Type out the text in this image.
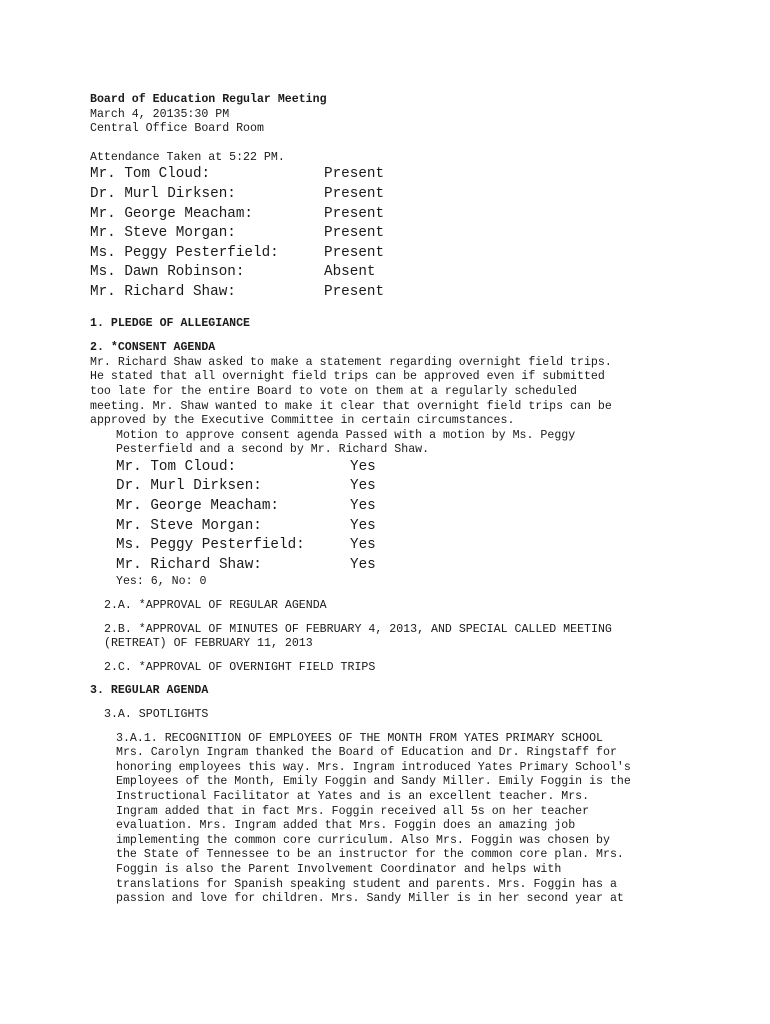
Board of Education Regular Meeting
March 4, 20135:30 PM
Central Office Board Room
Attendance Taken at 5:22 PM.
Mr. Tom Cloud:	Present
Dr. Murl Dirksen:	Present
Mr. George Meacham:	Present
Mr. Steve Morgan:	Present
Ms. Peggy Pesterfield:	Present
Ms. Dawn Robinson:	Absent
Mr. Richard Shaw:	Present
1. PLEDGE OF ALLEGIANCE
2. *CONSENT AGENDA
Mr. Richard Shaw asked to make a statement regarding overnight field trips.
He stated that all overnight field trips can be approved even if submitted
too late for the entire Board to vote on them at a regularly scheduled
meeting. Mr. Shaw wanted to make it clear that overnight field trips can be
approved by the Executive Committee in certain circumstances.
Motion to approve consent agenda Passed with a motion by Ms. Peggy
Pesterfield and a second by Mr. Richard Shaw.
Mr. Tom Cloud:	Yes
Dr. Murl Dirksen:	Yes
Mr. George Meacham:	Yes
Mr. Steve Morgan:	Yes
Ms. Peggy Pesterfield:	Yes
Mr. Richard Shaw:	Yes
Yes: 6, No: 0
2.A. *APPROVAL OF REGULAR AGENDA
2.B. *APPROVAL OF MINUTES OF FEBRUARY 4, 2013, AND SPECIAL CALLED MEETING
(RETREAT) OF FEBRUARY 11, 2013
2.C. *APPROVAL OF OVERNIGHT FIELD TRIPS
3. REGULAR AGENDA
3.A. SPOTLIGHTS
3.A.1. RECOGNITION OF EMPLOYEES OF THE MONTH FROM YATES PRIMARY SCHOOL
Mrs. Carolyn Ingram thanked the Board of Education and Dr. Ringstaff for
honoring employees this way. Mrs. Ingram introduced Yates Primary School's
Employees of the Month, Emily Foggin and Sandy Miller. Emily Foggin is the
Instructional Facilitator at Yates and is an excellent teacher. Mrs.
Ingram added that in fact Mrs. Foggin received all 5s on her teacher
evaluation. Mrs. Ingram added that Mrs. Foggin does an amazing job
implementing the common core curriculum. Also Mrs. Foggin was chosen by
the State of Tennessee to be an instructor for the common core plan. Mrs.
Foggin is also the Parent Involvement Coordinator and helps with
translations for Spanish speaking student and parents. Mrs. Foggin has a
passion and love for children. Mrs. Sandy Miller is in her second year at
